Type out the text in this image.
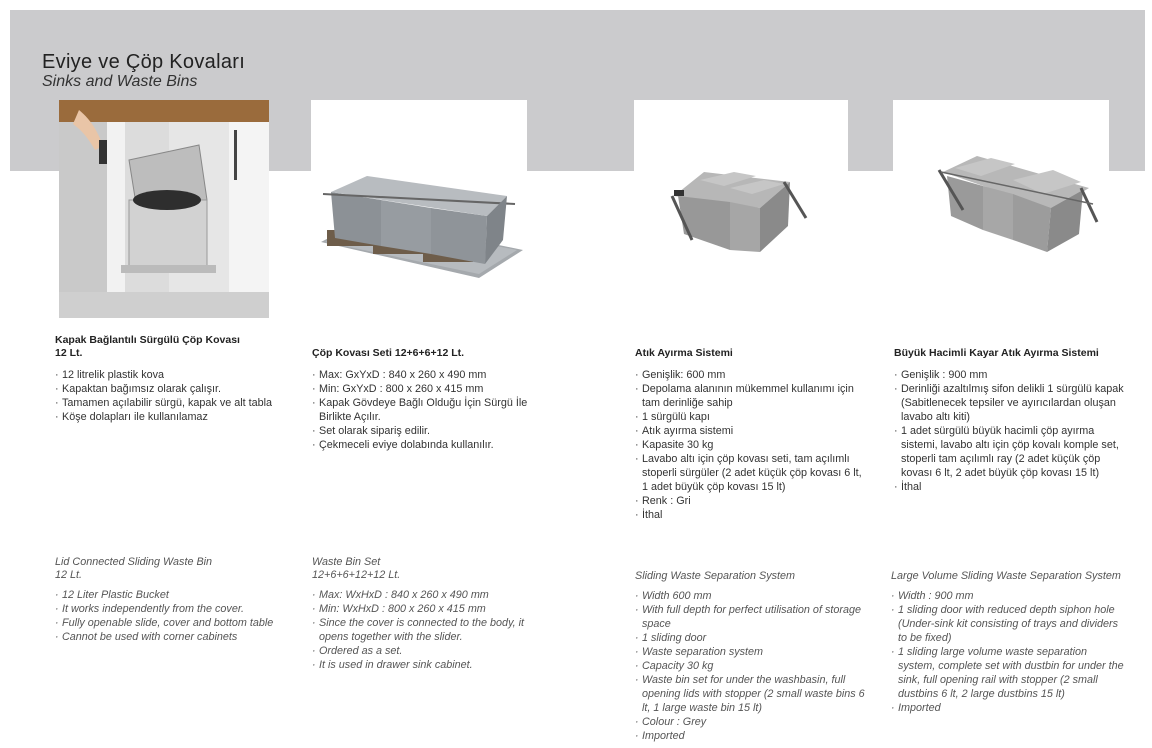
Eviye ve Çöp Kovaları
Sinks and Waste Bins
Kapak Bağlantılı Sürgülü Çöp Kovası
12 Lt.
· 12 litrelik plastik kova
· Kapaktan bağımsız olarak çalışır.
· Tamamen açılabilir sürgü, kapak ve alt tabla
· Köşe dolapları ile kullanılamaz
Lid Connected Sliding Waste Bin
12 Lt.
· 12 Liter Plastic Bucket
· It works independently from the cover.
· Fully openable slide, cover and bottom table
· Cannot be used with corner cabinets
Çöp Kovası Seti 12+6+6+12 Lt.
· Max: GxYxD : 840 x 260 x 490 mm
· Min: GxYxD : 800 x 260 x 415 mm
· Kapak Gövdeye Bağlı Olduğu İçin Sürgü İle Birlikte Açılır.
· Set olarak sipariş edilir.
· Çekmeceli eviye dolabında kullanılır.
Waste Bin Set
12+6+6+12+12 Lt.
· Max: WxHxD : 840 x 260 x 490 mm
· Min: WxHxD : 800 x 260 x 415 mm
· Since the cover is connected to the body, it opens together with the slider.
· Ordered as a set.
· It is used in drawer sink cabinet.
Atık Ayırma Sistemi
· Genişlik: 600 mm
· Depolama alanının mükemmel kullanımı için tam derinliğe sahip
· 1 sürgülü kapı
· Atık ayırma sistemi
· Kapasite 30 kg
· Lavabo altı için çöp kovası seti, tam açılımlı stoperli sürgüler (2 adet küçük çöp kovası 6 lt, 1 adet büyük çöp kovası 15 lt)
· Renk : Gri
· İthal
Sliding Waste Separation System
· Width 600 mm
· With full depth for perfect utilisation of storage space
· 1 sliding door
· Waste separation system
· Capacity 30 kg
· Waste bin set for under the washbasin, full opening lids with stopper (2 small waste bins 6 lt, 1 large waste bin 15 lt)
· Colour : Grey
· Imported
Büyük Hacimli Kayar Atık Ayırma Sistemi
· Genişlik : 900 mm
· Derinliği azaltılmış sifon delikli 1 sürgülü kapak (Sabitlenecek tepsiler ve ayırıcılardan oluşan lavabo altı kiti)
· 1 adet sürgülü büyük hacimli çöp ayırma sistemi, lavabo altı için çöp kovalı komple set, stoperli tam açılımlı ray (2 adet küçük çöp kovası 6 lt, 2 adet büyük çöp kovası 15 lt)
· İthal
Large Volume Sliding Waste Separation System
· Width : 900 mm
· 1 sliding door with reduced depth siphon hole (Under-sink kit consisting of trays and dividers to be fixed)
· 1 sliding large volume waste separation system, complete set with dustbin for under the sink, full opening rail with stopper (2 small dustbins 6 lt, 2 large dustbins 15 lt)
· Imported
